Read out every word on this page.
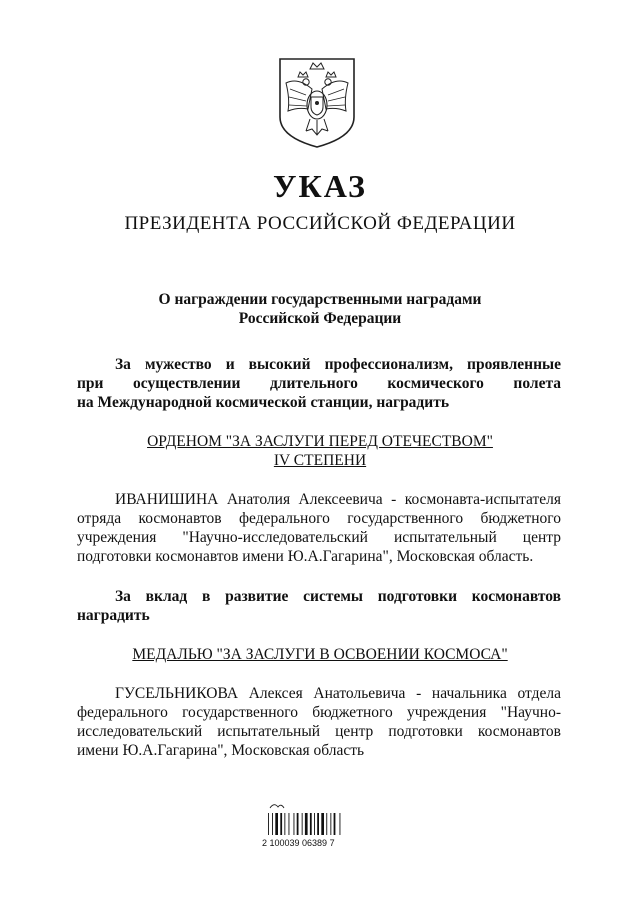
УКАЗ
ПРЕЗИДЕНТА РОССИЙСКОЙ ФЕДЕРАЦИИ
О награждении государственными наградами
Российской Федерации
За мужество и высокий профессионализм, проявленные
при осуществлении длительного космического полета
на Международной космической станции, наградить
ОРДЕНОМ "ЗА ЗАСЛУГИ ПЕРЕД ОТЕЧЕСТВОМ"
IV СТЕПЕНИ
ИВАНИШИНА Анатолия Алексеевича - космонавта-испытателя
отряда космонавтов федерального государственного бюджетного
учреждения "Научно-исследовательский испытательный центр
подготовки космонавтов имени Ю.А.Гагарина", Московская область.
За вклад в развитие системы подготовки космонавтов
наградить
МЕДАЛЬЮ "ЗА ЗАСЛУГИ В ОСВОЕНИИ КОСМОСА"
ГУСЕЛЬНИКОВА Алексея Анатольевича - начальника отдела
федерального государственного бюджетного учреждения "Научно-
исследовательский испытательный центр подготовки космонавтов
имени Ю.А.Гагарина", Московская область
2 100039 06389 7
